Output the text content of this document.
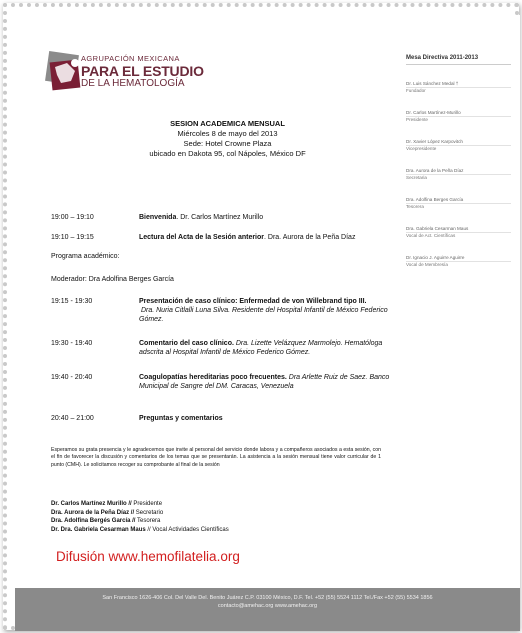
AGRUPACIÓN MEXICANA
PARA EL ESTUDIO
DE LA HEMATOLOGÍA
Mesa Directiva 2011-2013
Dr. Luis Sánchez Medal †
Fundador
Dr. Carlos Martínez-Murillo
Presidente
Dr. Xavier López Karpovitch
Vicepresidente
Dra. Aurora de la Peña Díaz
Secretaria
Dra. Adolfina Berges García
Tesorera
Dra. Gabriela Cesarman Maus
Vocal de Act. Científicas
Dr. Ignacio J. Aguirre Aguirre
Vocal de Membresía
SESION ACADEMICA MENSUAL
Miércoles 8 de mayo del 2013
Sede: Hotel Crowne Plaza
ubicado en Dakota 95, col Nápoles, México DF
19:00 – 19:10	Bienvenida. Dr. Carlos Martínez Murillo
19:10 – 19:15	Lectura del Acta de la Sesión anterior. Dra. Aurora de la Peña Díaz
Programa académico:
Moderador: Dra Adolfina Berges García
19:15 - 19:30	Presentación de caso clínico: Enfermedad de von Willebrand tipo III.
Dra. Nuria Citlalli Luna Silva. Residente del Hospital Infantil de México Federico Gómez.
19:30 - 19:40	Comentario del caso clínico. Dra. Lizette Velázquez Marmolejo. Hematóloga adscrita al Hospital Infantil de México Federico Gómez.
19:40 - 20:40	Coagulopatías hereditarias poco frecuentes. Dra Arlette Ruiz de Saez. Banco Municipal de Sangre del DM. Caracas, Venezuela
20:40 – 21:00	Preguntas y comentarios
Esperamos su grata presencia y le agradecemos que invite al personal del servicio donde labora y a compañeros asociados a esta sesión, con el fin de favorecer la discusión y comentarios de los temas que se presentarán. La asistencia a la sesión mensual tiene valor curricular de 1 punto (CMH). Le solicitamos recoger su comprobante al final de la sesión
Dr. Carlos Martínez Murillo // Presidente
Dra. Aurora de la Peña Díaz // Secretario
Dra. Adolfina Bergés García // Tesorera
Dr. Dra. Gabriela Cesarman Maus // Vocal Actividades Científicas
Difusión www.hemofilatelia.org
San Francisco 1626-406 Col. Del Valle Del. Benito Juárez C.P. 03100 México, D.F. Tel. +52 (55) 5524 1112 Tel./Fax +52 (55) 5534 1856
contacto@amehac.org www.amehac.org
